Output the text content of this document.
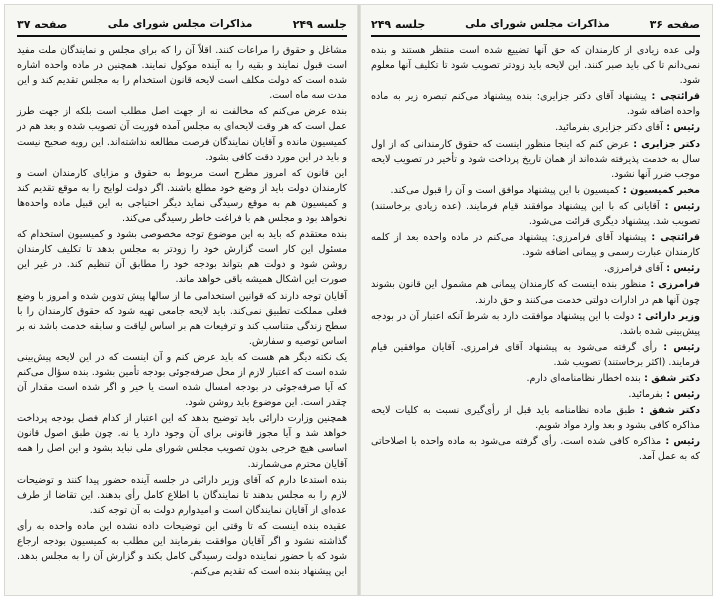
جلسه ۲۴۹
مذاکرات مجلس شورای ملی
صفحه ۳۷

مشاغل و حقوق را مراعات کنند. اقلاً آن را که برای مجلس و نمایندگان ملت مفید است قبول نمایند و بقیه را به آینده موکول نمایند. همچنین در ماده واحده اشاره شده است که دولت مکلف است لایحه قانون استخدام را به مجلس تقدیم کند و این مدت سه ماه است.

بنده عرض می‌کنم که مخالفت نه از جهت اصل مطلب است بلکه از جهت طرز عمل است که هر وقت لایحه‌ای به مجلس آمده فوریت آن تصویب شده و بعد هم در کمیسیون مانده و آقایان نمایندگان فرصت مطالعه نداشته‌اند. این رویه صحیح نیست و باید در این مورد دقت کافی بشود.

این قانون که امروز مطرح است مربوط به حقوق و مزایای کارمندان است و کارمندان دولت باید از وضع خود مطلع باشند. اگر دولت لوایح را به موقع تقدیم کند و کمیسیون هم به موقع رسیدگی نماید دیگر احتیاجی به این قبیل ماده واحده‌ها نخواهد بود و مجلس هم با فراغت خاطر رسیدگی می‌کند.

بنده معتقدم که باید به این موضوع توجه مخصوصی بشود و کمیسیون استخدام که مسئول این کار است گزارش خود را زودتر به مجلس بدهد تا تکلیف کارمندان روشن شود و دولت هم بتواند بودجه خود را مطابق آن تنظیم کند. در غیر این صورت این اشکال همیشه باقی خواهد ماند.

آقایان توجه دارند که قوانین استخدامی ما از سالها پیش تدوین شده و امروز با وضع فعلی مملکت تطبیق نمی‌کند. باید لایحه جامعی تهیه شود که حقوق کارمندان را با سطح زندگی متناسب کند و ترفیعات هم بر اساس لیاقت و سابقه خدمت باشد نه بر اساس توصیه و سفارش.

یک نکته دیگر هم هست که باید عرض کنم و آن اینست که در این لایحه پیش‌بینی شده است که اعتبار لازم از محل صرفه‌جوئی بودجه تأمین بشود. بنده سؤال می‌کنم که آیا صرفه‌جوئی در بودجه امسال شده است یا خیر و اگر شده است مقدار آن چقدر است. این موضوع باید روشن شود.

همچنین وزارت دارائی باید توضیح بدهد که این اعتبار از کدام فصل بودجه پرداخت خواهد شد و آیا مجوز قانونی برای آن وجود دارد یا نه. چون طبق اصول قانون اساسی هیچ خرجی بدون تصویب مجلس شورای ملی نباید بشود و این اصل را همه آقایان محترم می‌شمارند.

بنده استدعا دارم که آقای وزیر دارائی در جلسه آینده حضور پیدا کنند و توضیحات لازم را به مجلس بدهند تا نمایندگان با اطلاع کامل رأی بدهند. این تقاضا از طرف عده‌ای از آقایان نمایندگان است و امیدوارم دولت به آن توجه کند.

عقیده بنده اینست که تا وقتی این توضیحات داده نشده این ماده واحده به رأی گذاشته نشود و اگر آقایان موافقت بفرمایند این مطلب به کمیسیون بودجه ارجاع شود که با حضور نماینده دولت رسیدگی کامل بکند و گزارش آن را به مجلس بدهد. این پیشنهاد بنده است که تقدیم می‌کنم.

صفحه ۳۶
مذاکرات مجلس شورای ملی
جلسه ۲۴۹

ولی عده زیادی از کارمندان که حق آنها تضییع شده است منتظر هستند و بنده نمی‌دانم تا کی باید صبر کنند. این لایحه باید زودتر تصویب شود تا تکلیف آنها معلوم شود.

قرائتچی : پیشنهاد آقای دکتر جزایری: بنده پیشنهاد می‌کنم تبصره زیر به ماده واحده اضافه شود.

رئیس : آقای دکتر جزایری بفرمائید.

دکتر جزایری : عرض کنم که اینجا منظور اینست که حقوق کارمندانی که از اول سال به خدمت پذیرفته شده‌اند از همان تاریخ پرداخت شود و تأخیر در تصویب لایحه موجب ضرر آنها نشود.

مخبر کمیسیون : کمیسیون با این پیشنهاد موافق است و آن را قبول می‌کند.

رئیس : آقایانی که با این پیشنهاد موافقند قیام فرمایند. (عده زیادی برخاستند) تصویب شد. پیشنهاد دیگری قرائت می‌شود.

قرائتچی : پیشنهاد آقای فرامرزی: پیشنهاد می‌کنم در ماده واحده بعد از کلمه کارمندان عبارت رسمی و پیمانی اضافه شود.

رئیس : آقای فرامرزی.

فرامرزی : منظور بنده اینست که کارمندان پیمانی هم مشمول این قانون بشوند چون آنها هم در ادارات دولتی خدمت می‌کنند و حق دارند.

وزیر دارائی : دولت با این پیشنهاد موافقت دارد به شرط آنکه اعتبار آن در بودجه پیش‌بینی شده باشد.

رئیس : رأی گرفته می‌شود به پیشنهاد آقای فرامرزی. آقایان موافقین قیام فرمایند. (اکثر برخاستند) تصویب شد.

دکتر شفق : بنده اخطار نظامنامه‌ای دارم.

رئیس : بفرمائید.

دکتر شفق : طبق ماده نظامنامه باید قبل از رأی‌گیری نسبت به کلیات لایحه مذاکره کافی بشود و بعد وارد مواد شویم.

رئیس : مذاکره کافی شده است. رأی گرفته می‌شود به ماده واحده با اصلاحاتی که به عمل آمد.
